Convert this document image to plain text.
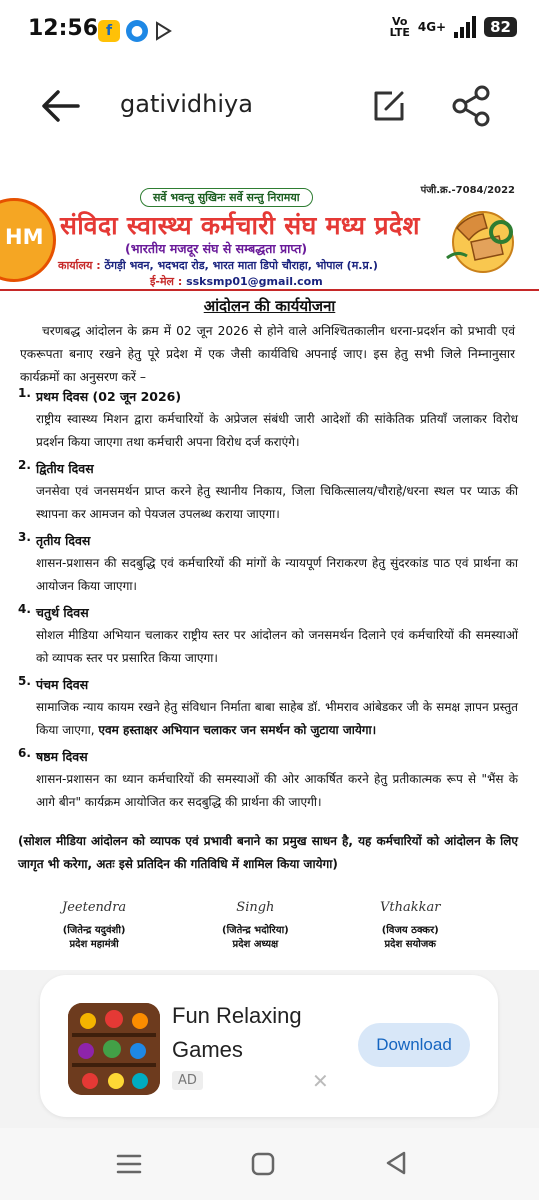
12:56 f	●
Vo
LTE 4G+	82
gatividhiya
सर्वे भवन्तु सुखिनः सर्वे सन्तु निरामया
पंजी.क्र.-7084/2022
HM संविदा स्वास्थ्य कर्मचारी संघ मध्य प्रदेश
(भारतीय मजदूर संघ से सम्बद्धता प्राप्त)
कार्यालय : ठेंगड़ी भवन, भदभदा रोड, भारत माता डिपो चौराहा, भोपाल (म.प्र.)
ई-मेल : ssksmp01@gmail.com
आंदोलन की कार्ययोजना
चरणबद्ध आंदोलन के क्रम में 02 जून 2026 से होने वाले अनिश्चितकालीन धरना-प्रदर्शन को प्रभावी एवं एकरूपता बनाए रखने हेतु पूरे प्रदेश में एक जैसी कार्यविधि अपनाई जाए। इस हेतु सभी जिले निम्नानुसार कार्यक्रमों का अनुसरण करें –
1. प्रथम दिवस (02 जून 2026)
राष्ट्रीय स्वास्थ्य मिशन द्वारा कर्मचारियों के अप्रेजल संबंधी जारी आदेशों की सांकेतिक प्रतियाँ जलाकर विरोध प्रदर्शन किया जाएगा तथा कर्मचारी अपना विरोध दर्ज कराएंगे।
2. द्वितीय दिवस
जनसेवा एवं जनसमर्थन प्राप्त करने हेतु स्थानीय निकाय, जिला चिकित्सालय/चौराहे/धरना स्थल पर प्याऊ की स्थापना कर आमजन को पेयजल उपलब्ध कराया जाएगा।
3. तृतीय दिवस
शासन-प्रशासन की सदबुद्धि एवं कर्मचारियों की मांगों के न्यायपूर्ण निराकरण हेतु सुंदरकांड पाठ एवं प्रार्थना का आयोजन किया जाएगा।
4. चतुर्थ दिवस
सोशल मीडिया अभियान चलाकर राष्ट्रीय स्तर पर आंदोलन को जनसमर्थन दिलाने एवं कर्मचारियों की समस्याओं को व्यापक स्तर पर प्रसारित किया जाएगा।
5. पंचम दिवस
सामाजिक न्याय कायम रखने हेतु संविधान निर्माता बाबा साहेब डॉ. भीमराव आंबेडकर जी के समक्ष ज्ञापन प्रस्तुत किया जाएगा, एवम हस्ताक्षर अभियान चलाकर जन समर्थन को जुटाया जायेगा।
6. षष्ठम दिवस
शासन-प्रशासन का ध्यान कर्मचारियों की समस्याओं की ओर आकर्षित करने हेतु प्रतीकात्मक रूप से "भैंस के आगे बीन" कार्यक्रम आयोजित कर सदबुद्धि की प्रार्थना की जाएगी।
(सोशल मीडिया आंदोलन को व्यापक एवं प्रभावी बनाने का प्रमुख साधन है, यह कर्मचारियों को आंदोलन के लिए जागृत भी करेगा, अतः इसे प्रतिदिन की गतिविधि में शामिल किया जायेगा)
Jeetendra
(जितेन्द्र यदुवंशी)
प्रदेश महामंत्री
Singh
(जितेन्द्र भदोरिया)
प्रदेश अध्यक्ष
Vthakkar
(विजय ठक्कर)
प्रदेश सयोजक
Fun Relaxing Games
AD	✕
Download
